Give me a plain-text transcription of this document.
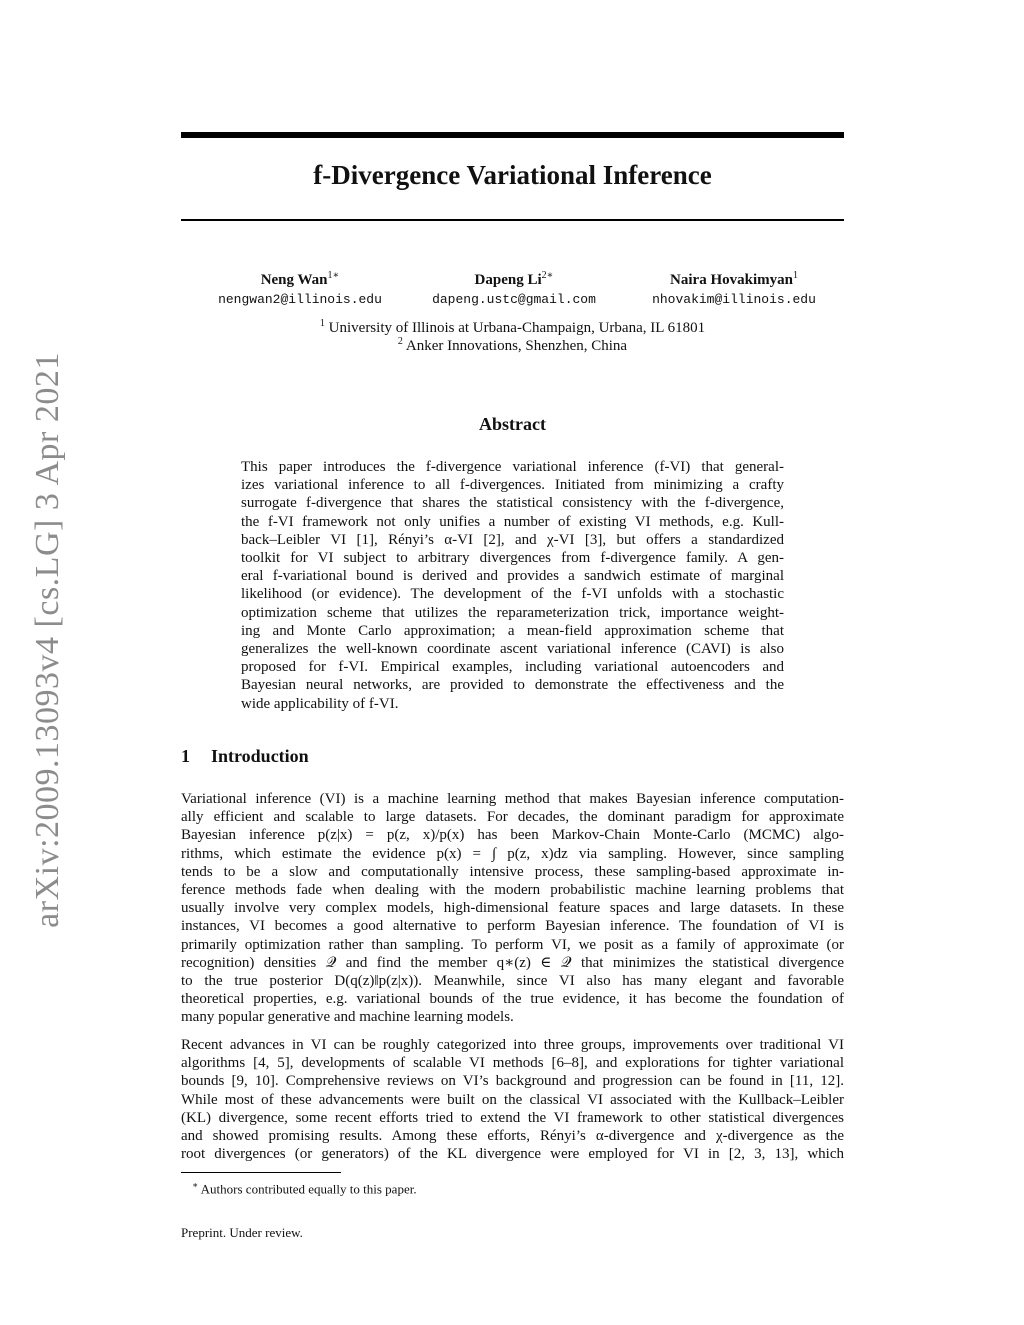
arXiv:2009.13093v4 [cs.LG] 3 Apr 2021
f-Divergence Variational Inference
Neng Wan$^{1∗}$
nengwan2@illinois.edu
Dapeng $Li^{2∗}$
dapeng.ustc@gmail.com
Naira Hovakimyan$^1$
nhovakim@illinois.edu
$^1$ University of Illinois at Urbana-Champaign, Urbana, IL 61801
$^2$ Anker Innovations, Shenzhen, China
Abstract
This paper introduces the f-divergence variational inference (f-VI) that general-
izes variational inference to all f-divergences. Initiated from minimizing a crafty
surrogate f-divergence that shares the statistical consistency with the f-divergence,
the f-VI framework not only unifies a number of existing VI methods, e.g. Kull-
back–Leibler VI [1], Rényi’s α-VI [2], and χ-VI [3], but offers a standardized
toolkit for VI subject to arbitrary divergences from f-divergence family. A gen-
eral f-variational bound is derived and provides a sandwich estimate of marginal
likelihood (or evidence). The development of the f-VI unfolds with a stochastic
optimization scheme that utilizes the reparameterization trick, importance weight-
ing and Monte Carlo approximation; a mean-field approximation scheme that
generalizes the well-known coordinate ascent variational inference (CAVI) is also
proposed for f-VI. Empirical examples, including variational autoencoders and
Bayesian neural networks, are provided to demonstrate the effectiveness and the
wide applicability of f-VI.
1 Introduction
Variational inference (VI) is a machine learning method that makes Bayesian inference computation-
ally efficient and scalable to large datasets. For decades, the dominant paradigm for approximate
Bayesian inference p(z|x) = p(z, x)/p(x) has been Markov-Chain Monte-Carlo (MCMC) algo-
rithms, which estimate the evidence p(x) = ∫ p(z, x)dz via sampling. However, since sampling
tends to be a slow and computationally intensive process, these sampling-based approximate in-
ference methods fade when dealing with the modern probabilistic machine learning problems that
usually involve very complex models, high-dimensional feature spaces and large datasets. In these
instances, VI becomes a good alternative to perform Bayesian inference. The foundation of VI is
primarily optimization rather than sampling. To perform VI, we posit as a family of approximate (or
recognition) densities 𝒬 and find the member q∗(z) ∈ 𝒬 that minimizes the statistical divergence
to the true posterior D(q(z)‖p(z|x)). Meanwhile, since VI also has many elegant and favorable
theoretical properties, e.g. variational bounds of the true evidence, it has become the foundation of
many popular generative and machine learning models.
Recent advances in VI can be roughly categorized into three groups, improvements over traditional VI
algorithms [4, 5], developments of scalable VI methods [6–8], and explorations for tighter variational
bounds [9, 10]. Comprehensive reviews on VI’s background and progression can be found in [11, 12].
While most of these advancements were built on the classical VI associated with the Kullback–Leibler
(KL) divergence, some recent efforts tried to extend the VI framework to other statistical divergences
and showed promising results. Among these efforts, Rényi’s α-divergence and χ-divergence as the
root divergences (or generators) of the KL divergence were employed for VI in [2, 3, 13], which
∗ Authors contributed equally to this paper.
Preprint. Under review.
